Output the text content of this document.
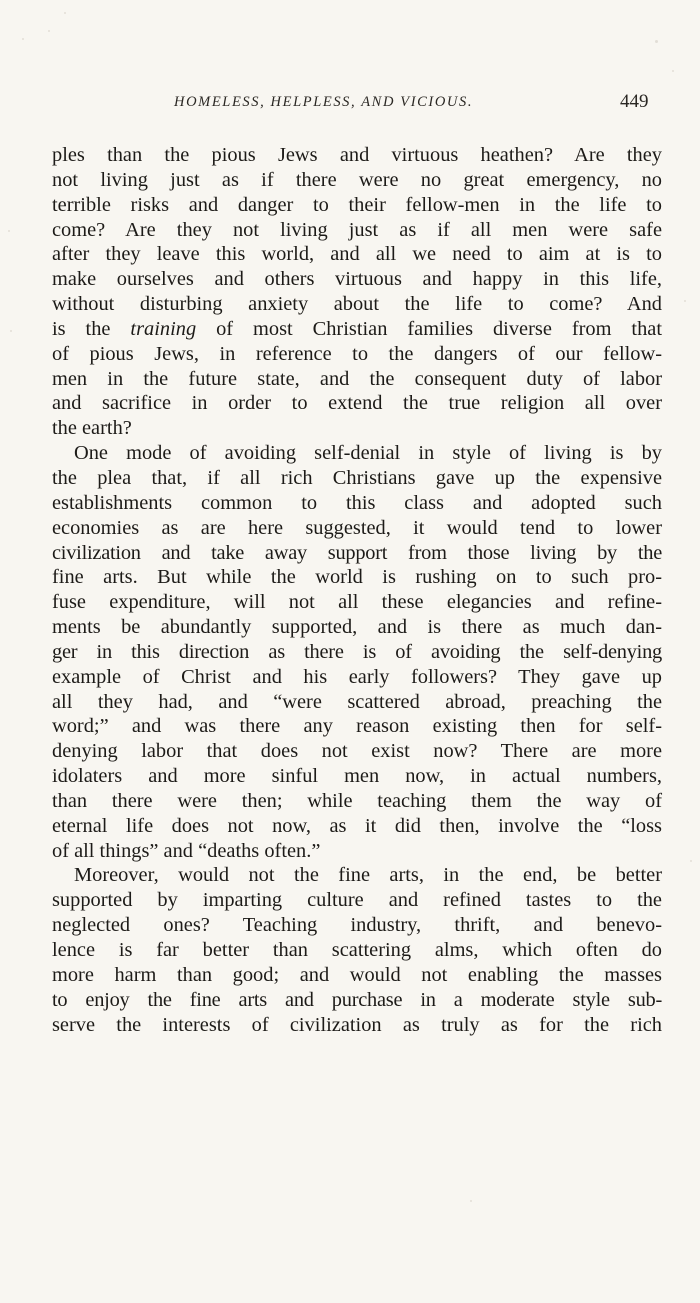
HOMELESS, HELPLESS, AND VICIOUS.	449
ples than the pious Jews and virtuous heathen? Are they
not living just as if there were no great emergency, no
terrible risks and danger to their fellow-men in the life to
come? Are they not living just as if all men were safe
after they leave this world, and all we need to aim at is to
make ourselves and others virtuous and happy in this life,
without disturbing anxiety about the life to come? And
is the training of most Christian families diverse from that
of pious Jews, in reference to the dangers of our fellow-
men in the future state, and the consequent duty of labor
and sacrifice in order to extend the true religion all over
the earth?
One mode of avoiding self-denial in style of living is by
the plea that, if all rich Christians gave up the expensive
establishments common to this class and adopted such
economies as are here suggested, it would tend to lower
civilization and take away support from those living by the
fine arts. But while the world is rushing on to such pro-
fuse expenditure, will not all these elegancies and refine-
ments be abundantly supported, and is there as much dan-
ger in this direction as there is of avoiding the self-denying
example of Christ and his early followers? They gave up
all they had, and “were scattered abroad, preaching the
word;” and was there any reason existing then for self-
denying labor that does not exist now? There are more
idolaters and more sinful men now, in actual numbers,
than there were then; while teaching them the way of
eternal life does not now, as it did then, involve the “loss
of all things” and “deaths often.”
Moreover, would not the fine arts, in the end, be better
supported by imparting culture and refined tastes to the
neglected ones? Teaching industry, thrift, and benevo-
lence is far better than scattering alms, which often do
more harm than good; and would not enabling the masses
to enjoy the fine arts and purchase in a moderate style sub-
serve the interests of civilization as truly as for the rich
